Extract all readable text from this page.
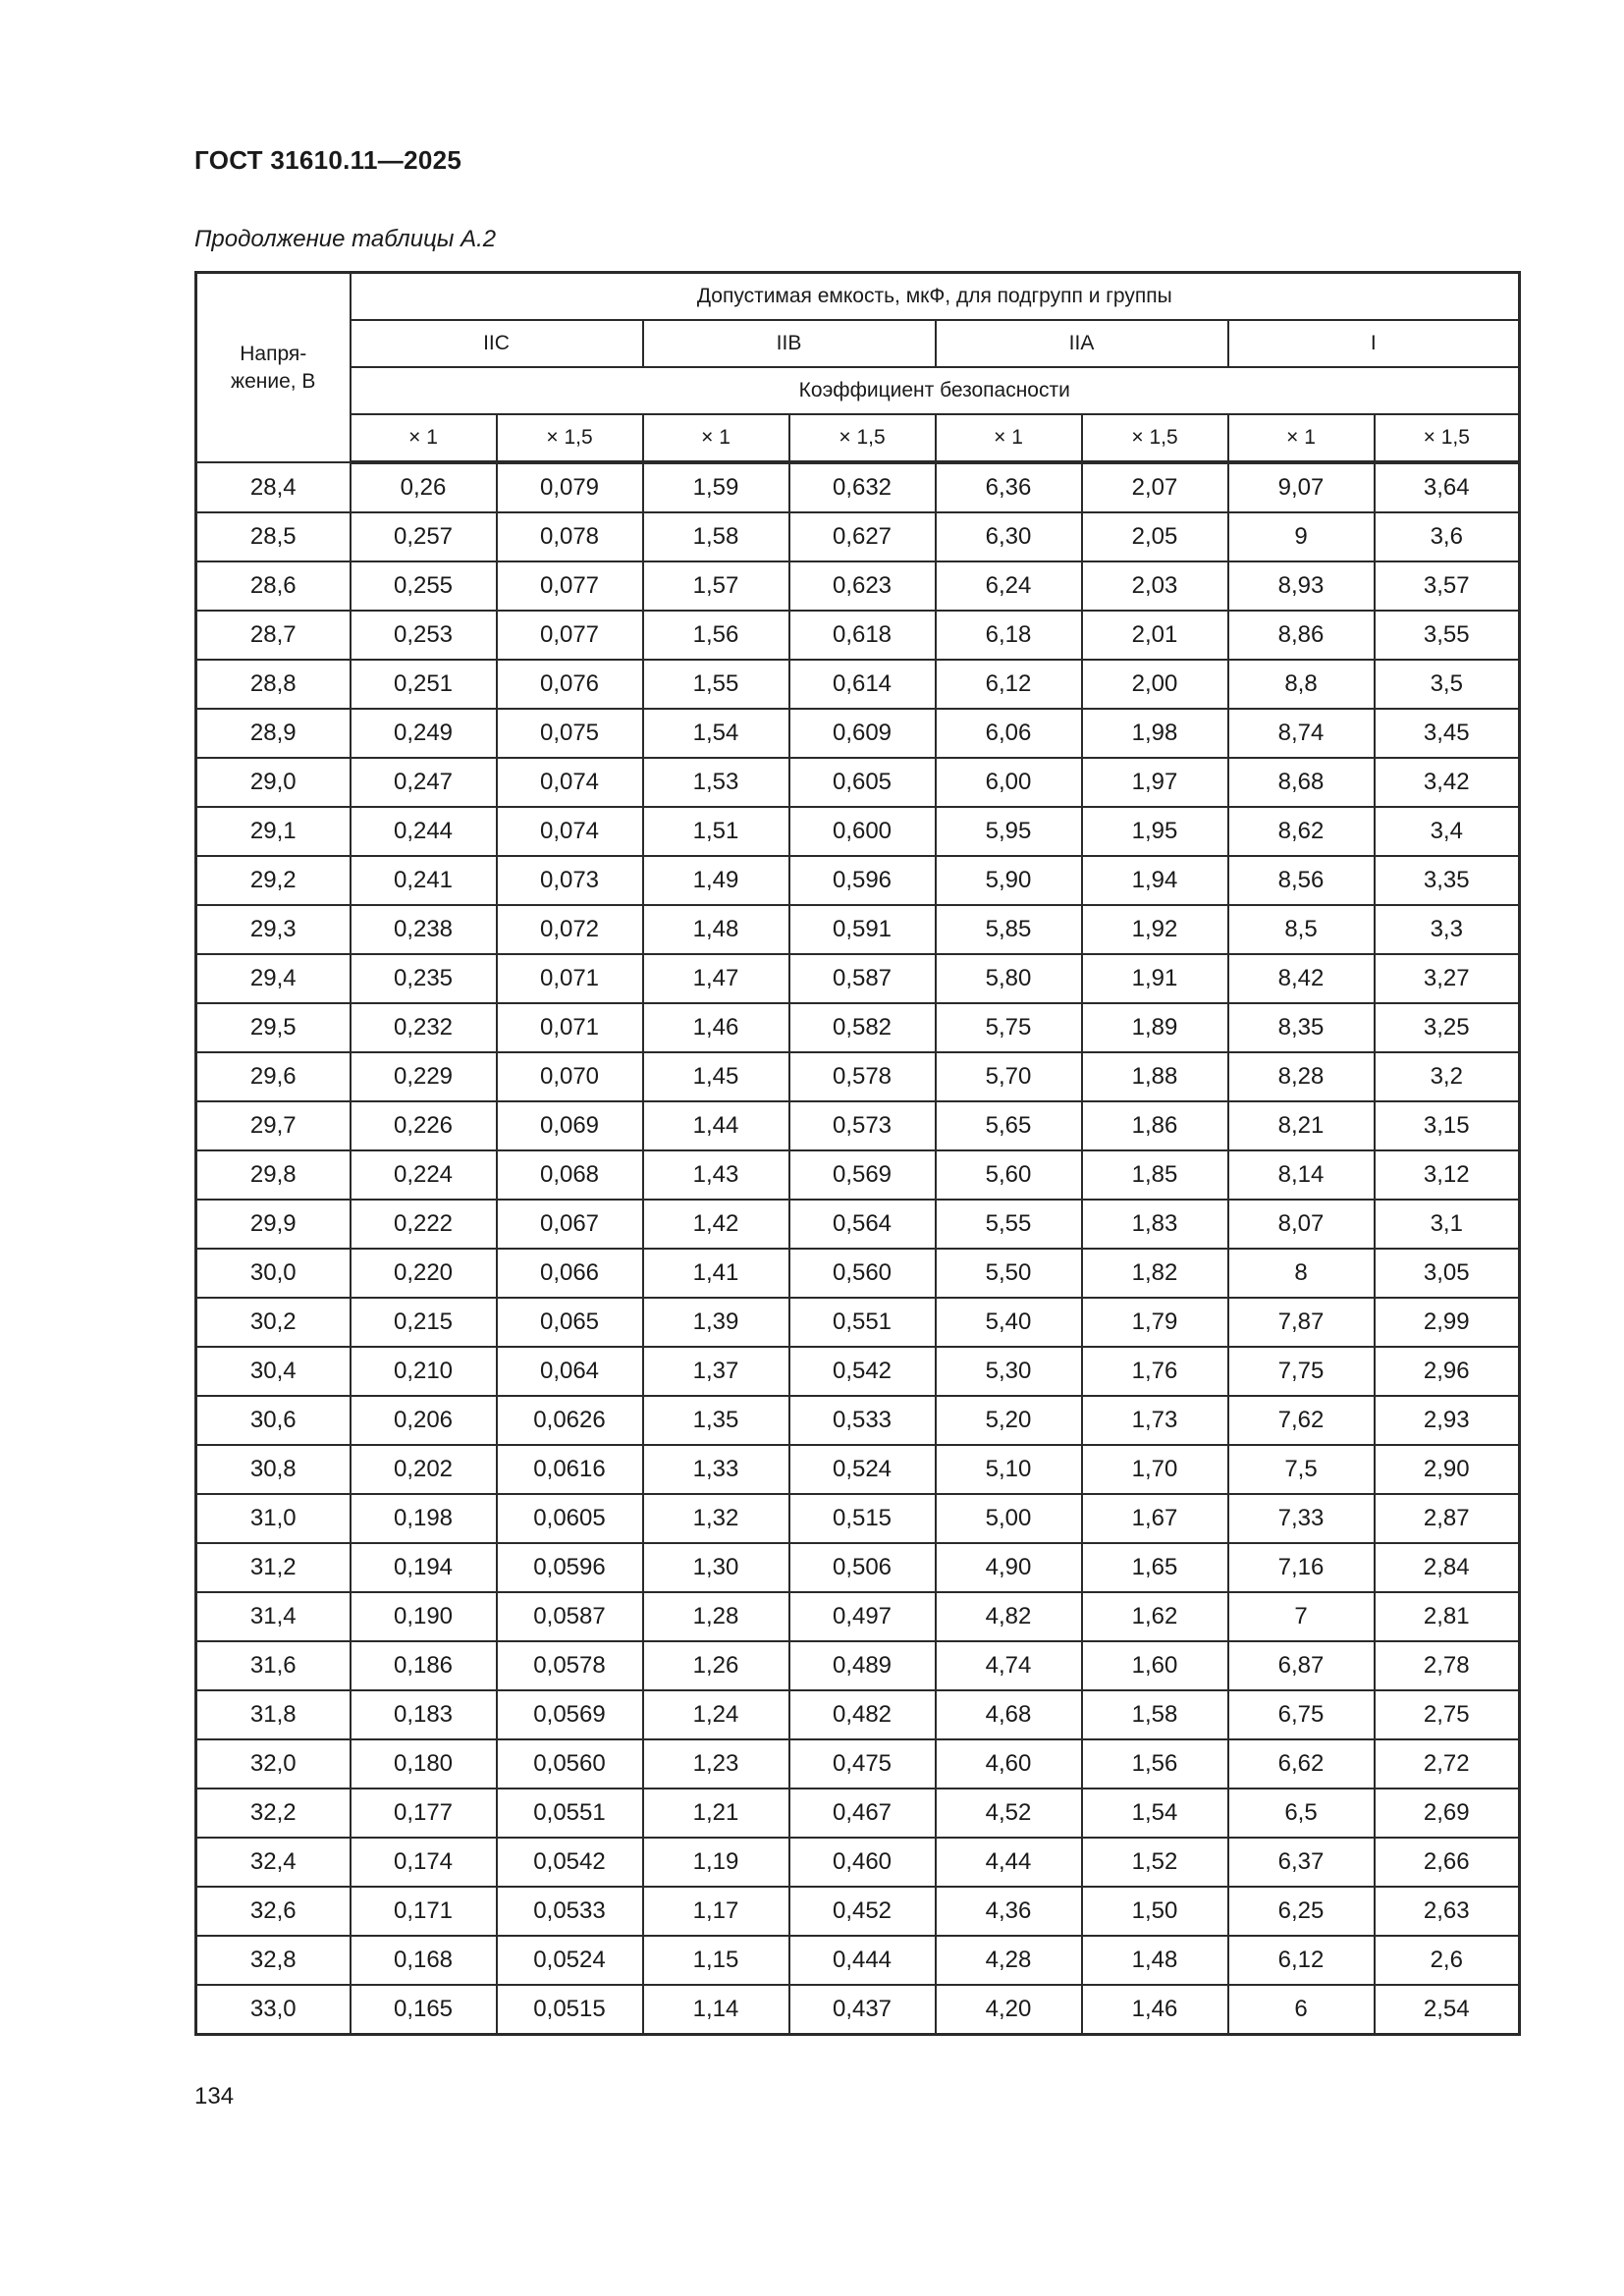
ГОСТ 31610.11—2025
Продолжение таблицы А.2
Напря-
жение, В	Допустимая емкость, мкФ, для подгрупп и группы							
	IIC		IIB		IIA		I	
	Коэффициент безопасности							
	× 1	× 1,5	× 1	× 1,5	× 1	× 1,5	× 1	× 1,5
28,4	0,26	0,079	1,59	0,632	6,36	2,07	9,07	3,64
28,5	0,257	0,078	1,58	0,627	6,30	2,05	9	3,6
28,6	0,255	0,077	1,57	0,623	6,24	2,03	8,93	3,57
28,7	0,253	0,077	1,56	0,618	6,18	2,01	8,86	3,55
28,8	0,251	0,076	1,55	0,614	6,12	2,00	8,8	3,5
28,9	0,249	0,075	1,54	0,609	6,06	1,98	8,74	3,45
29,0	0,247	0,074	1,53	0,605	6,00	1,97	8,68	3,42
29,1	0,244	0,074	1,51	0,600	5,95	1,95	8,62	3,4
29,2	0,241	0,073	1,49	0,596	5,90	1,94	8,56	3,35
29,3	0,238	0,072	1,48	0,591	5,85	1,92	8,5	3,3
29,4	0,235	0,071	1,47	0,587	5,80	1,91	8,42	3,27
29,5	0,232	0,071	1,46	0,582	5,75	1,89	8,35	3,25
29,6	0,229	0,070	1,45	0,578	5,70	1,88	8,28	3,2
29,7	0,226	0,069	1,44	0,573	5,65	1,86	8,21	3,15
29,8	0,224	0,068	1,43	0,569	5,60	1,85	8,14	3,12
29,9	0,222	0,067	1,42	0,564	5,55	1,83	8,07	3,1
30,0	0,220	0,066	1,41	0,560	5,50	1,82	8	3,05
30,2	0,215	0,065	1,39	0,551	5,40	1,79	7,87	2,99
30,4	0,210	0,064	1,37	0,542	5,30	1,76	7,75	2,96
30,6	0,206	0,0626	1,35	0,533	5,20	1,73	7,62	2,93
30,8	0,202	0,0616	1,33	0,524	5,10	1,70	7,5	2,90
31,0	0,198	0,0605	1,32	0,515	5,00	1,67	7,33	2,87
31,2	0,194	0,0596	1,30	0,506	4,90	1,65	7,16	2,84
31,4	0,190	0,0587	1,28	0,497	4,82	1,62	7	2,81
31,6	0,186	0,0578	1,26	0,489	4,74	1,60	6,87	2,78
31,8	0,183	0,0569	1,24	0,482	4,68	1,58	6,75	2,75
32,0	0,180	0,0560	1,23	0,475	4,60	1,56	6,62	2,72
32,2	0,177	0,0551	1,21	0,467	4,52	1,54	6,5	2,69
32,4	0,174	0,0542	1,19	0,460	4,44	1,52	6,37	2,66
32,6	0,171	0,0533	1,17	0,452	4,36	1,50	6,25	2,63
32,8	0,168	0,0524	1,15	0,444	4,28	1,48	6,12	2,6
33,0	0,165	0,0515	1,14	0,437	4,20	1,46	6	2,54
134
